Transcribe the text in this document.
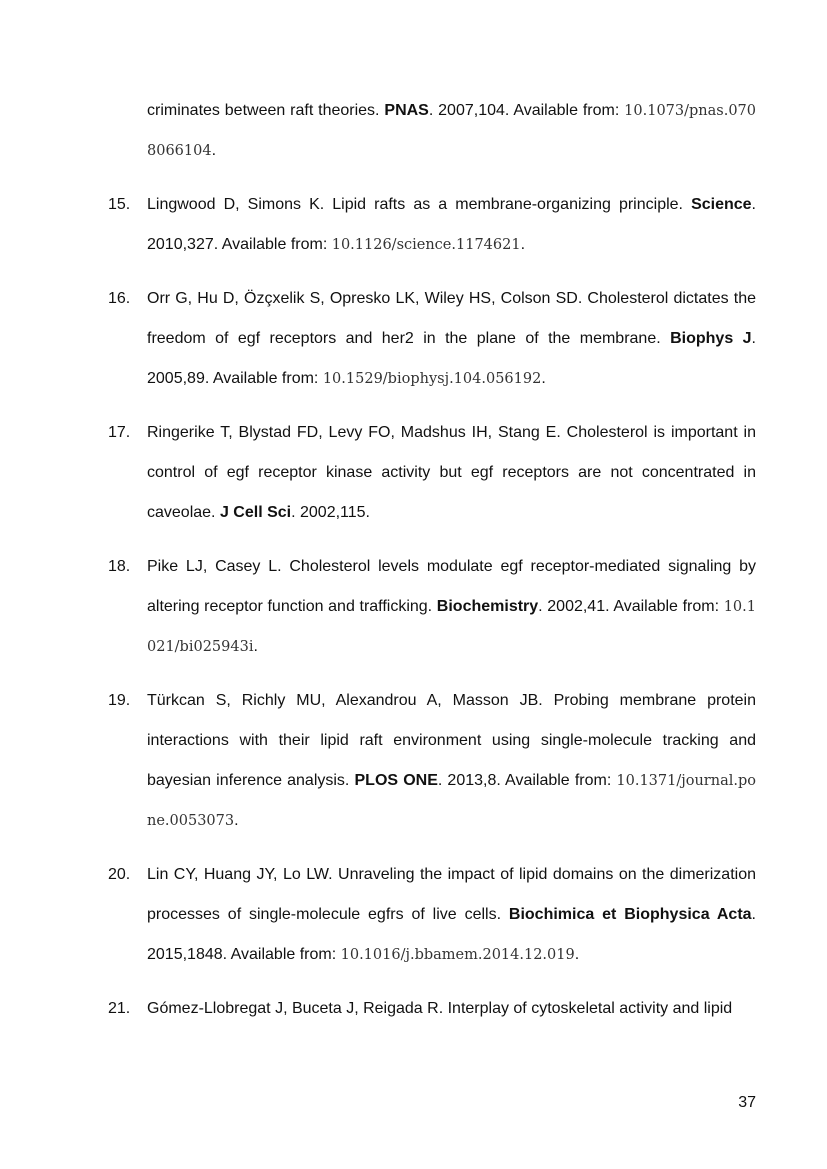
criminates between raft theories. PNAS. 2007,104. Available from: 10.1073/pnas.0708066104.
15.	Lingwood D, Simons K. Lipid rafts as a membrane-organizing principle. Science. 2010,327. Available from: 10.1126/science.1174621.
16.	Orr G, Hu D, Özçxelik S, Opresko LK, Wiley HS, Colson SD. Cholesterol dictates the freedom of egf receptors and her2 in the plane of the membrane. Biophys J. 2005,89. Available from: 10.1529/biophysj.104.056192.
17.	Ringerike T, Blystad FD, Levy FO, Madshus IH, Stang E. Cholesterol is important in control of egf receptor kinase activity but egf receptors are not concentrated in caveolae. J Cell Sci. 2002,115.
18.	Pike LJ, Casey L. Cholesterol levels modulate egf receptor-mediated signaling by altering receptor function and trafficking. Biochemistry. 2002,41. Available from: 10.1021/bi025943i.
19.	Türkcan S, Richly MU, Alexandrou A, Masson JB. Probing membrane protein interactions with their lipid raft environment using single-molecule tracking and bayesian inference analysis. PLOS ONE. 2013,8. Available from: 10.1371/journal.pone.0053073.
20.	Lin CY, Huang JY, Lo LW. Unraveling the impact of lipid domains on the dimerization processes of single-molecule egfrs of live cells. Biochimica et Biophysica Acta. 2015,1848. Available from: 10.1016/j.bbamem.2014.12.019.
21.	Gómez-Llobregat J, Buceta J, Reigada R. Interplay of cytoskeletal activity and lipid
37
